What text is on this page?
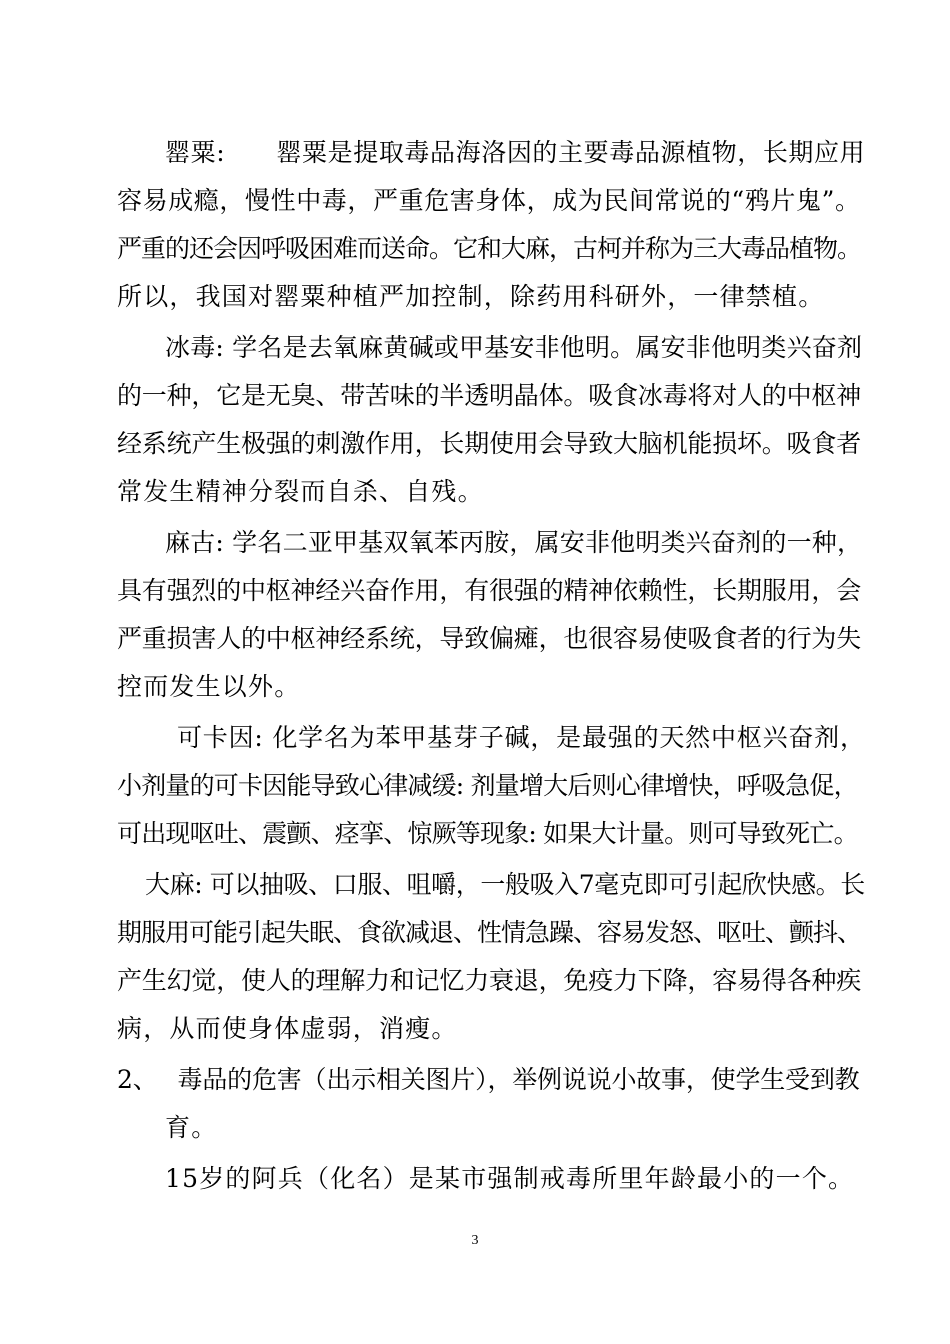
罂粟:　　罂粟是提取毒品海洛因的主要毒品源植物，长期应用
容易成瘾，慢性中毒，严重危害身体，成为民间常说的“鸦片鬼”。
严重的还会因呼吸困难而送命。它和大麻，古柯并称为三大毒品植物。
所以，我国对罂粟种植严加控制，除药用科研外，一律禁植。
冰毒: 学名是去氧麻黄碱或甲基安非他明。属安非他明类兴奋剂
的一种，它是无臭、带苦味的半透明晶体。吸食冰毒将对人的中枢神
经系统产生极强的刺激作用，长期使用会导致大脑机能损坏。吸食者
常发生精神分裂而自杀、自残。
麻古: 学名二亚甲基双氧苯丙胺，属安非他明类兴奋剂的一种，
具有强烈的中枢神经兴奋作用，有很强的精神依赖性，长期服用，会
严重损害人的中枢神经系统，导致偏瘫，也很容易使吸食者的行为失
控而发生以外。
可卡因: 化学名为苯甲基芽子碱，是最强的天然中枢兴奋剂，
小剂量的可卡因能导致心律减缓: 剂量增大后则心律增快，呼吸急促，
可出现呕吐、震颤、痉挛、惊厥等现象: 如果大计量。则可导致死亡。
大麻: 可以抽吸、口服、咀嚼，一般吸入7毫克即可引起欣快感。长
期服用可能引起失眠、食欲减退、性情急躁、容易发怒、呕吐、颤抖、
产生幻觉，使人的理解力和记忆力衰退，免疫力下降，容易得各种疾
病，从而使身体虚弱，消瘦。
2、　 毒品的危害（出示相关图片），举例说说小故事，使学生受到教
育。
15岁的阿兵（化名）是某市强制戒毒所里年龄最小的一个。
3
